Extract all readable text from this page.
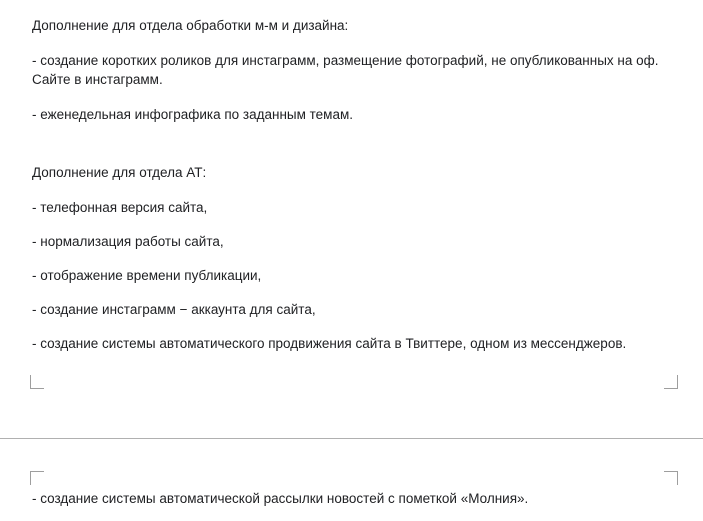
Дополнение для отдела обработки м-м и дизайна:

- создание коротких роликов для инстаграмм, размещение фотографий, не опубликованных на оф. Сайте в инстаграмм.

- еженедельная инфографика по заданным темам.

Дополнение для отдела АТ:

- телефонная версия сайта,

- нормализация работы сайта,

- отображение времени публикации,

- создание инстаграмм − аккаунта для сайта,

- создание системы автоматического продвижения сайта в Твиттере, одном из мессенджеров.

- создание системы автоматической рассылки новостей с пометкой «Молния».
